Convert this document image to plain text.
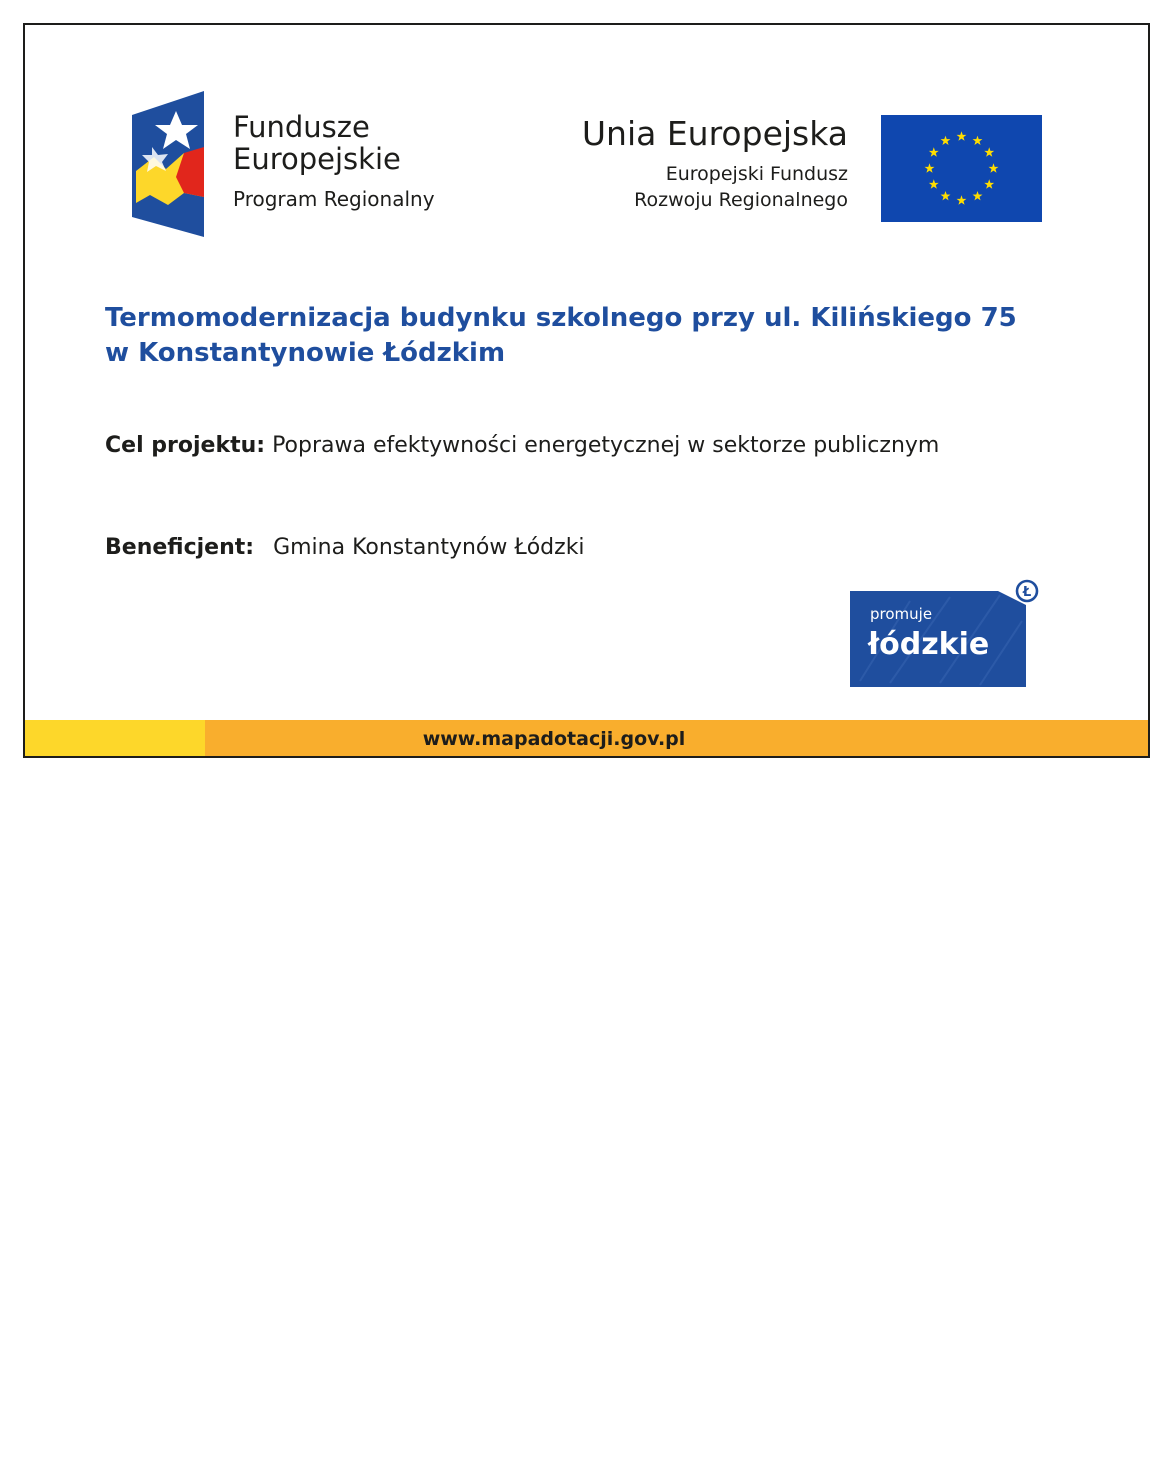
Fundusze
Europejskie
Program Regionalny
Unia Europejska
Europejski Fundusz
Rozwoju Regionalnego
Termomodernizacja budynku szkolnego przy ul. Kilińskiego 75
w Konstantynowie Łódzkim
Cel projektu: Poprawa efektywności energetycznej w sektorze publicznym
Beneficjent: Gmina Konstantynów Łódzki
promuje
łódzkie
Ł
www.mapadotacji.gov.pl
